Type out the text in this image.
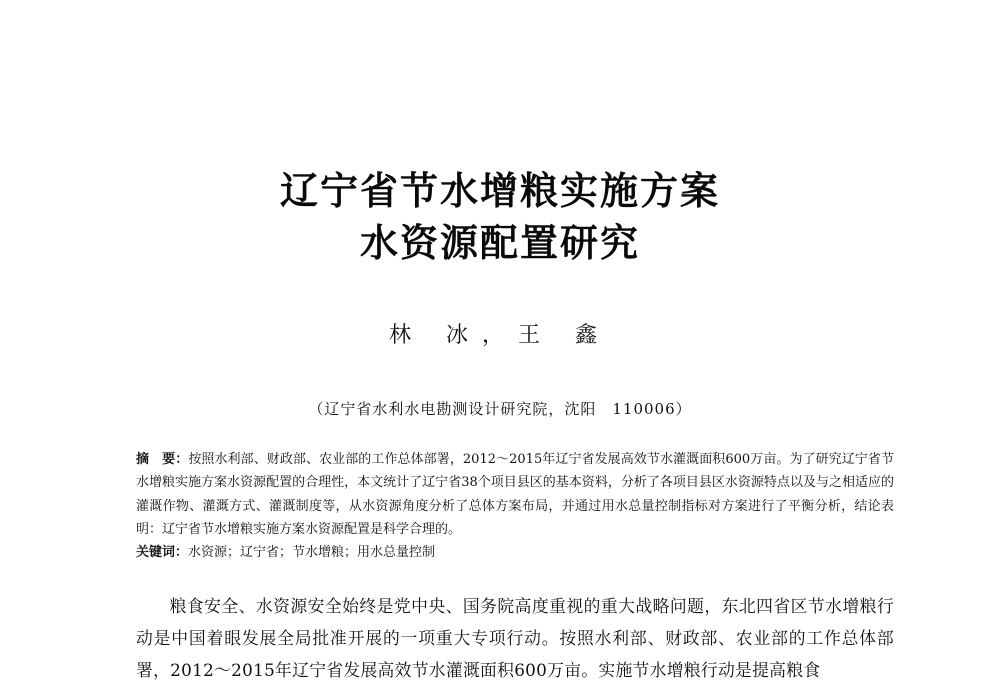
辽宁省节水增粮实施方案
水资源配置研究
林 冰，王 鑫
（辽宁省水利水电勘测设计研究院，沈阳　110006）
摘　要：按照水利部、财政部、农业部的工作总体部署，2012～2015年辽宁省发展高效节水灌溉面积600万亩。为了研究辽宁省节水增粮实施方案水资源配置的合理性，本文统计了辽宁省38个项目县区的基本资料，分析了各项目县区水资源特点以及与之相适应的灌溉作物、灌溉方式、灌溉制度等，从水资源角度分析了总体方案布局，并通过用水总量控制指标对方案进行了平衡分析，结论表明：辽宁省节水增粮实施方案水资源配置是科学合理的。
关键词：水资源；辽宁省；节水增粮；用水总量控制
粮食安全、水资源安全始终是党中央、国务院高度重视的重大战略问题，东北四省区节水增粮行动是中国着眼发展全局批准开展的一项重大专项行动。按照水利部、财政部、农业部的工作总体部署，2012～2015年辽宁省发展高效节水灌溉面积600万亩。实施节水增粮行动是提高粮食
